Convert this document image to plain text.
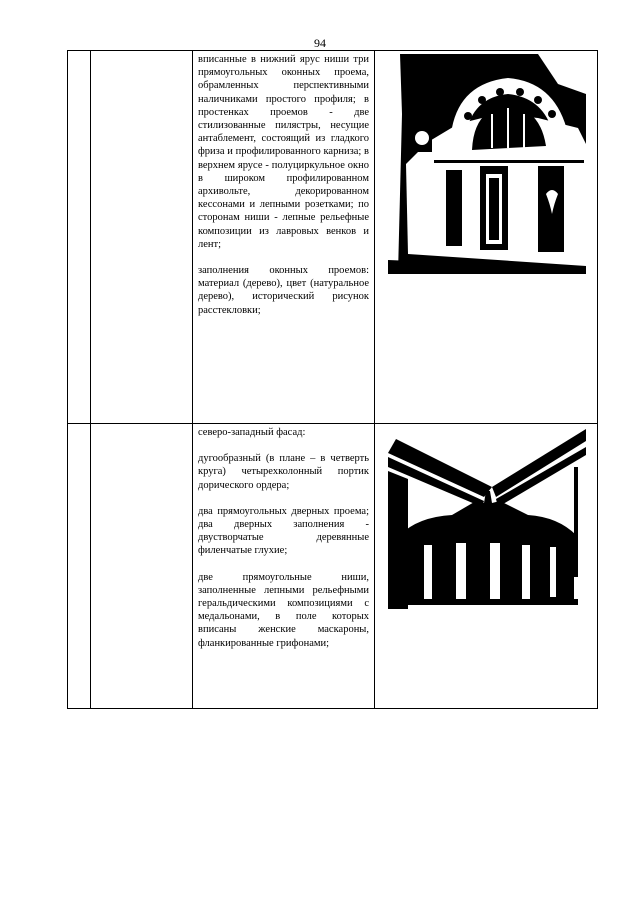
94

		вписанные в нижний ярус ниши три прямоугольных оконных проема, обрамленных перспективными наличниками простого профиля; в простенках проемов - две стилизованные пилястры, несущие антаблемент, состоящий из гладкого фриза и профилированного карниза; в верхнем ярусе - полуциркульное окно в широком профилированном архивольте, декорированном кессонами и лепными розетками; по сторонам ниши - лепные рельефные композиции из лавровых венков и лент;

заполнения оконных проемов: материал (дерево), цвет (натуральное дерево), исторический рисунок расстекловки;

		северо-западный фасад:

дугообразный (в плане – в четверть круга) четырехколонный портик дорического ордера;

два прямоугольных дверных проема; два дверных заполнения - двустворчатые деревянные филенчатые глухие;

две прямоугольные ниши, заполненные лепными рельефными геральдическими композициями с медальонами, в поле которых вписаны женские маскароны, фланкированные грифонами;
